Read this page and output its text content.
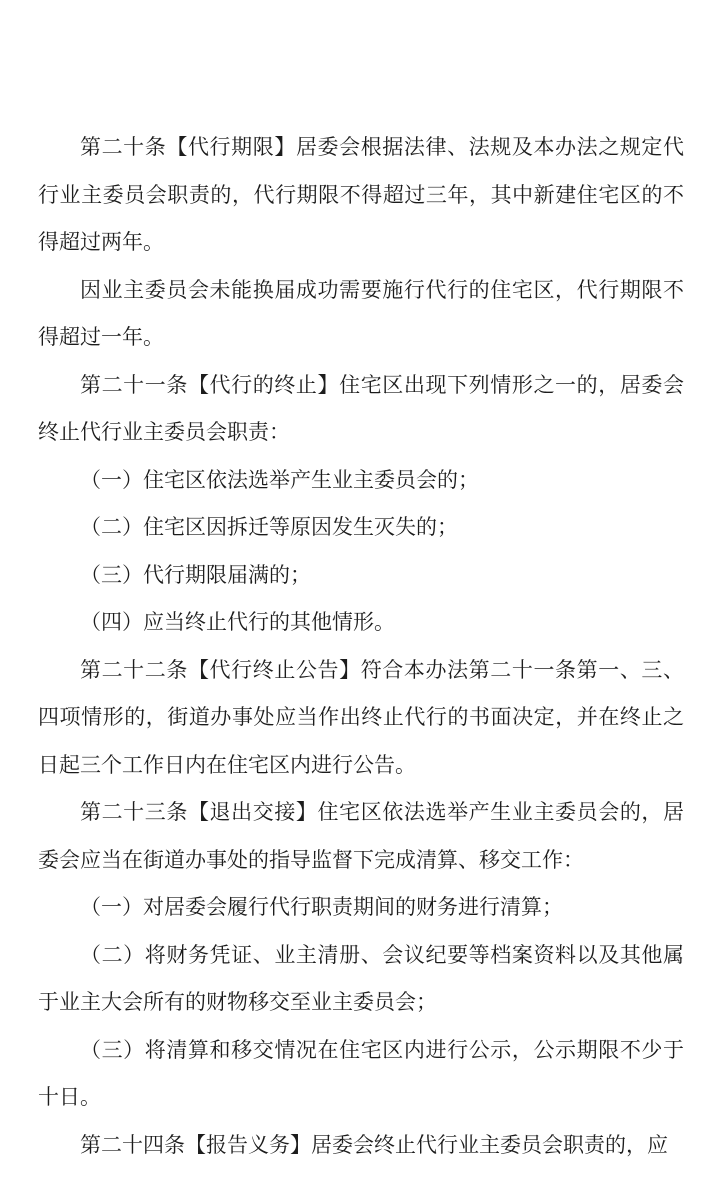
第二十条【代行期限】居委会根据法律、法规及本办法之规定代行业主委员会职责的，代行期限不得超过三年，其中新建住宅区的不得超过两年。

因业主委员会未能换届成功需要施行代行的住宅区，代行期限不得超过一年。

第二十一条【代行的终止】住宅区出现下列情形之一的，居委会终止代行业主委员会职责：

（一）住宅区依法选举产生业主委员会的；

（二）住宅区因拆迁等原因发生灭失的；

（三）代行期限届满的；

（四）应当终止代行的其他情形。

第二十二条【代行终止公告】符合本办法第二十一条第一、三、四项情形的，街道办事处应当作出终止代行的书面决定，并在终止之日起三个工作日内在住宅区内进行公告。

第二十三条【退出交接】住宅区依法选举产生业主委员会的，居委会应当在街道办事处的指导监督下完成清算、移交工作：

（一）对居委会履行代行职责期间的财务进行清算；

（二）将财务凭证、业主清册、会议纪要等档案资料以及其他属于业主大会所有的财物移交至业主委员会；

（三）将清算和移交情况在住宅区内进行公示，公示期限不少于十日。

第二十四条【报告义务】居委会终止代行业主委员会职责的，应
